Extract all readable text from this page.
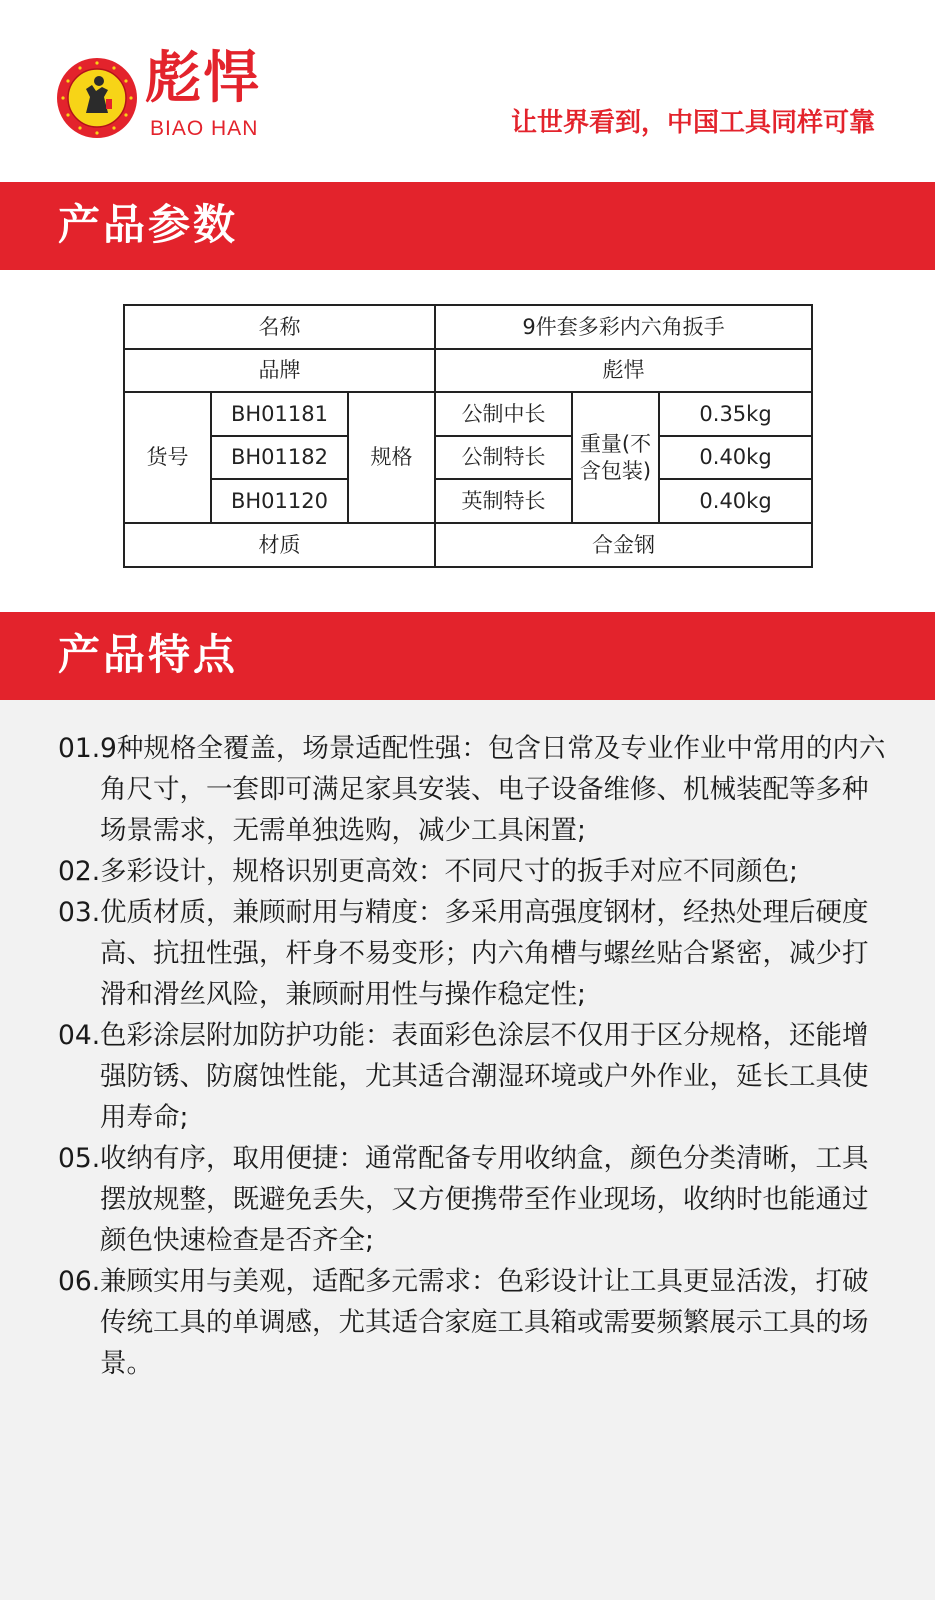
彪悍
BIAO HAN	让世界看到，中国工具同样可靠
产品参数
名称			9件套多彩内六角扳手		
品牌			彪悍		
货号	BH01181	规格	公制中长	重量(不含包装)	0.35kg
	BH01182		公制特长		0.40kg
	BH01120		英制特长		0.40kg
材质			合金钢		
产品特点
01. 9种规格全覆盖，场景适配性强：包含日常及专业作业中常用的内六角尺寸，一套即可满足家具安装、电子设备维修、机械装配等多种场景需求，无需单独选购，减少工具闲置;
02. 多彩设计，规格识别更高效：不同尺寸的扳手对应不同颜色;
03. 优质材质，兼顾耐用与精度：多采用高强度钢材，经热处理后硬度高、抗扭性强，杆身不易变形；内六角槽与螺丝贴合紧密，减少打滑和滑丝风险，兼顾耐用性与操作稳定性;
04. 色彩涂层附加防护功能：表面彩色涂层不仅用于区分规格，还能增强防锈、防腐蚀性能，尤其适合潮湿环境或户外作业，延长工具使用寿命;
05. 收纳有序，取用便捷：通常配备专用收纳盒，颜色分类清晰，工具摆放规整，既避免丢失，又方便携带至作业现场，收纳时也能通过颜色快速检查是否齐全;
06. 兼顾实用与美观，适配多元需求：色彩设计让工具更显活泼，打破传统工具的单调感，尤其适合家庭工具箱或需要频繁展示工具的场景。
